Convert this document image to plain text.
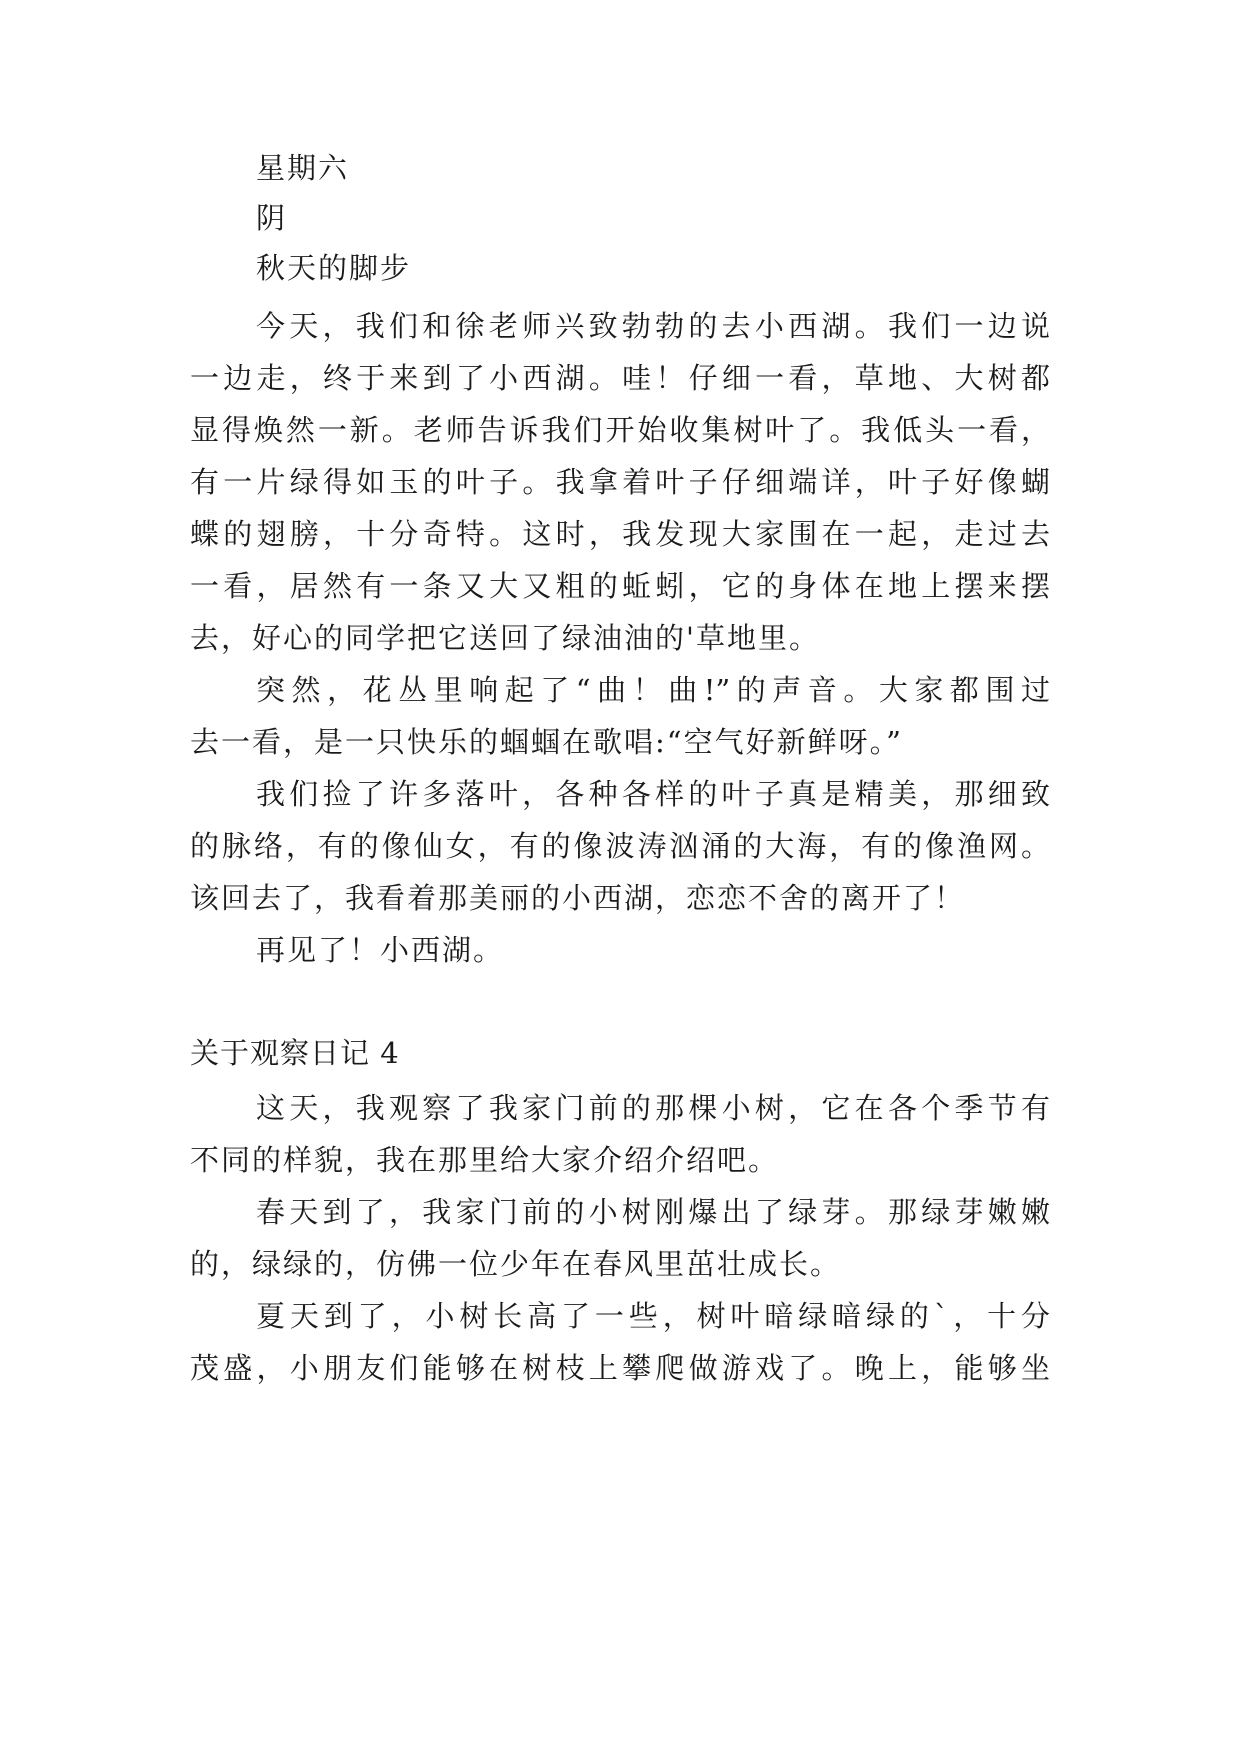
星期六

阴

秋天的脚步

今天，我们和徐老师兴致勃勃的去小西湖。我们一边说

一边走，终于来到了小西湖。哇！仔细一看，草地、大树都

显得焕然一新。老师告诉我们开始收集树叶了。我低头一看，

有一片绿得如玉的叶子。我拿着叶子仔细端详，叶子好像蝴

蝶的翅膀，十分奇特。这时，我发现大家围在一起，走过去

一看，居然有一条又大又粗的蚯蚓，它的身体在地上摆来摆

去，好心的同学把它送回了绿油油的'草地里。

突然，花丛里响起了“曲！曲!”的声音。大家都围过

去一看，是一只快乐的蝈蝈在歌唱:“空气好新鲜呀。”

我们捡了许多落叶，各种各样的叶子真是精美，那细致

的脉络，有的像仙女，有的像波涛汹涌的大海，有的像渔网。

该回去了，我看着那美丽的小西湖，恋恋不舍的离开了！

再见了！小西湖。

关于观察日记 4

这天，我观察了我家门前的那棵小树，它在各个季节有

不同的样貌，我在那里给大家介绍介绍吧。

春天到了，我家门前的小树刚爆出了绿芽。那绿芽嫩嫩

的，绿绿的，仿佛一位少年在春风里茁壮成长。

夏天到了，小树长高了一些，树叶暗绿暗绿的`，十分

茂盛，小朋友们能够在树枝上攀爬做游戏了。晚上，能够坐
